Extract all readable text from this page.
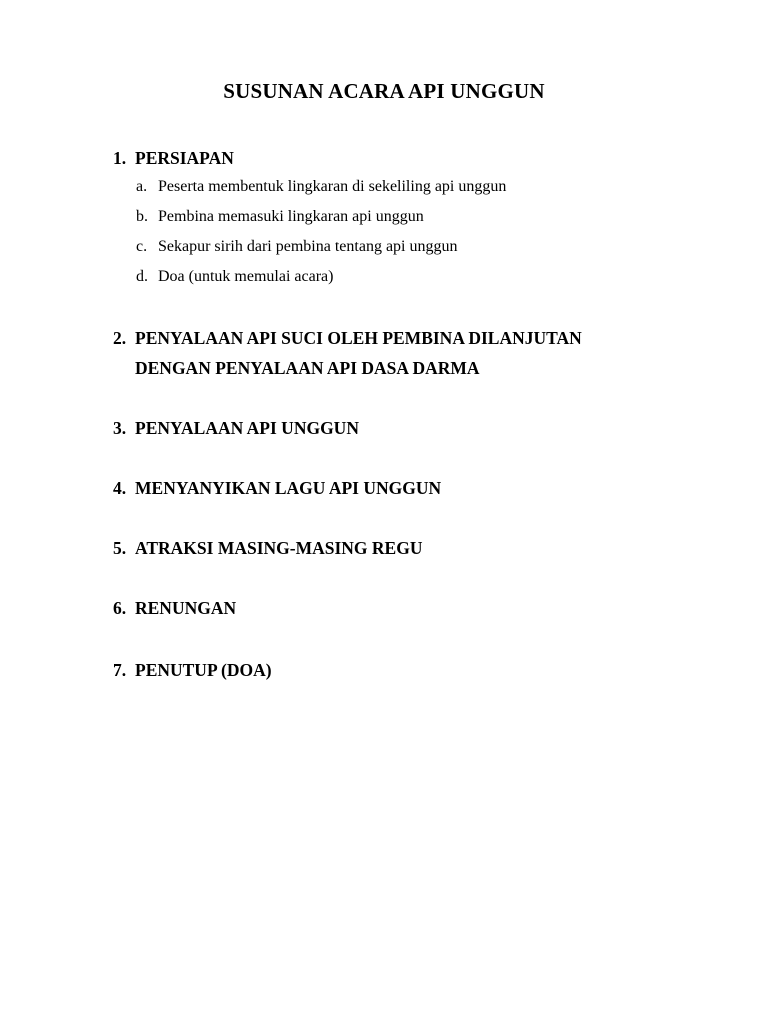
SUSUNAN ACARA API UNGGUN
1. PERSIAPAN
a. Peserta membentuk lingkaran di sekeliling api unggun
b. Pembina memasuki lingkaran api unggun
c. Sekapur sirih dari pembina tentang api unggun
d. Doa (untuk memulai acara)
2. PENYALAAN API SUCI OLEH PEMBINA DILANJUTAN
DENGAN PENYALAAN API DASA DARMA
3. PENYALAAN API UNGGUN
4. MENYANYIKAN LAGU API UNGGUN
5. ATRAKSI MASING-MASING REGU
6. RENUNGAN
7. PENUTUP (DOA)
